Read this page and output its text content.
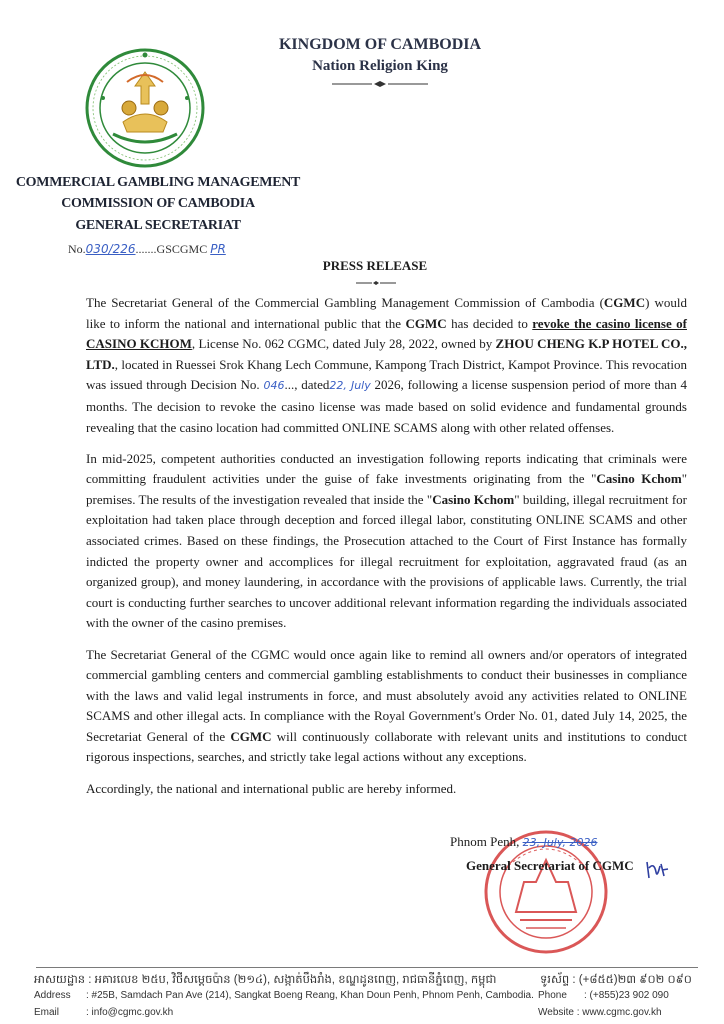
KINGDOM OF CAMBODIA
Nation Religion King
COMMERCIAL GAMBLING MANAGEMENT
COMMISSION OF CAMBODIA
GENERAL SECRETARIAT
No.030/226.......GSCGMC PR
PRESS RELEASE

The Secretariat General of the Commercial Gambling Management Commission of Cambodia (CGMC) would like to inform the national and international public that the CGMC has decided to revoke the casino license of CASINO KCHOM, License No. 062 CGMC, dated July 28, 2022, owned by ZHOU CHENG K.P HOTEL CO., LTD., located in Ruessei Srok Khang Lech Commune, Kampong Trach District, Kampot Province. This revocation was issued through Decision No. 046..., dated22, July 2026, following a license suspension period of more than 4 months. The decision to revoke the casino license was made based on solid evidence and fundamental grounds revealing that the casino location had committed ONLINE SCAMS along with other related offenses.

In mid-2025, competent authorities conducted an investigation following reports indicating that criminals were committing fraudulent activities under the guise of fake investments originating from the "Casino Kchom" premises. The results of the investigation revealed that inside the "Casino Kchom" building, illegal recruitment for exploitation had taken place through deception and forced illegal labor, constituting ONLINE SCAMS and other associated crimes. Based on these findings, the Prosecution attached to the Court of First Instance has formally indicted the property owner and accomplices for illegal recruitment for exploitation, aggravated fraud (as an organized group), and money laundering, in accordance with the provisions of applicable laws. Currently, the trial court is conducting further searches to uncover additional relevant information regarding the individuals associated with the owner of the casino premises.

The Secretariat General of the CGMC would once again like to remind all owners and/or operators of integrated commercial gambling centers and commercial gambling establishments to conduct their businesses in compliance with the laws and valid legal instruments in force, and must absolutely avoid any activities related to ONLINE SCAMS and other illegal acts. In compliance with the Royal Government's Order No. 01, dated July 14, 2025, the Secretariat General of the CGMC will continuously collaborate with relevant units and institutions to conduct rigorous inspections, searches, and strictly take legal actions without any exceptions.

Accordingly, the national and international public are hereby informed.

Phnom Penh, 23, July, 2026
General Secretariat of CGMC
អាសយដ្ឋាន : អគារលេខ ២៥ប, វិថីសម្ដេចប៉ាន (២១៤), សង្កាត់បឹងរាំង, ខណ្ឌដូនពេញ, រាជធានីភ្នំពេញ, កម្ពុជា	ទូរស័ព្ទ : (+៨៥៥)២៣ ៩០២ ០៩០
Address : #25B, Samdach Pan Ave (214), Sangkat Boeng Reang, Khan Doun Penh, Phnom Penh, Cambodia. Phone : (+855)23 902 090
Email	: info@cgmc.gov.kh	Website : www.cgmc.gov.kh
